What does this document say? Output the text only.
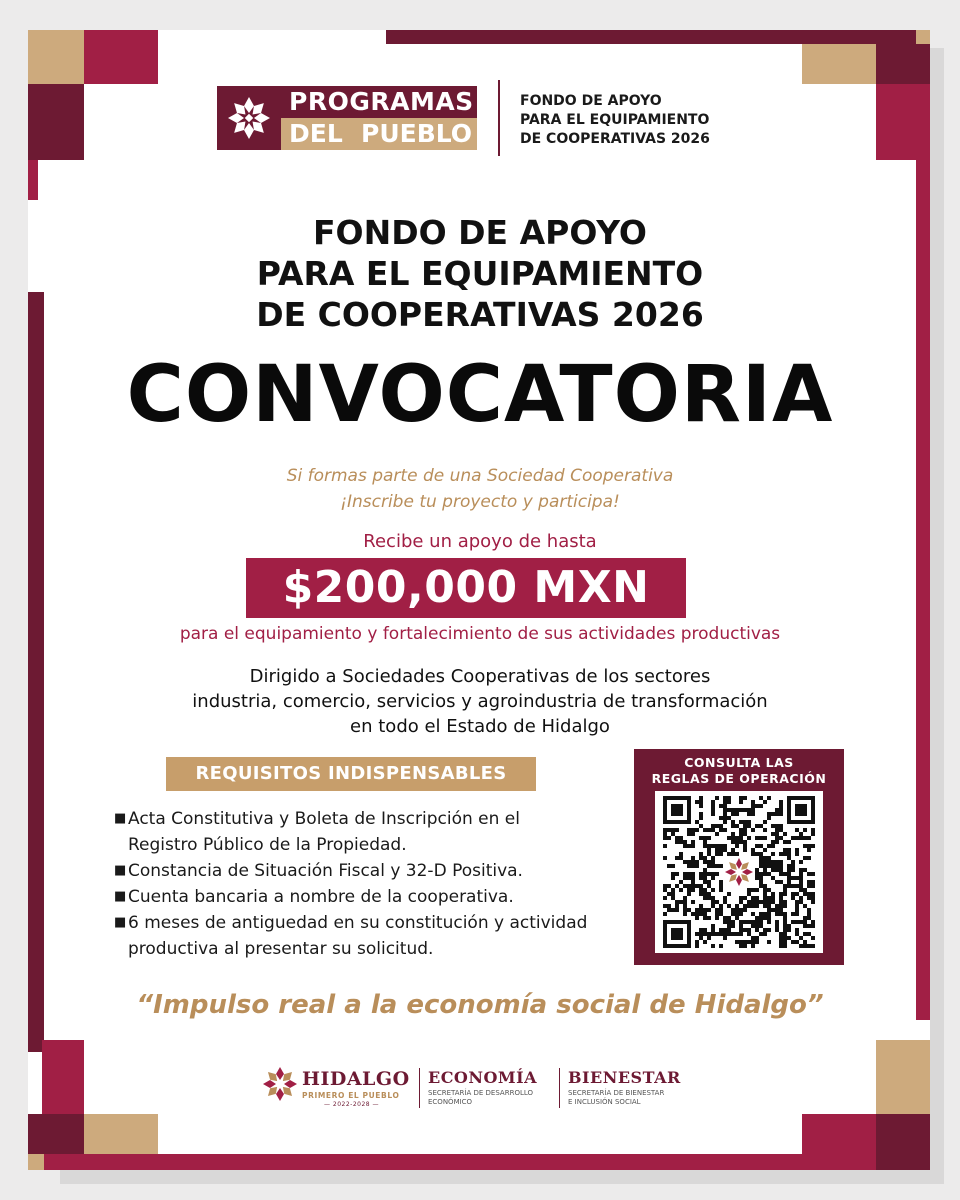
PROGRAMAS
DEL PUEBLO
FONDO DE APOYO
PARA EL EQUIPAMIENTO
DE COOPERATIVAS 2026
FONDO DE APOYO
PARA EL EQUIPAMIENTO
DE COOPERATIVAS 2026
CONVOCATORIA
Si formas parte de una Sociedad Cooperativa
¡Inscribe tu proyecto y participa!
Recibe un apoyo de hasta
$200,000 MXN
para el equipamiento y fortalecimiento de sus actividades productivas
Dirigido a Sociedades Cooperativas de los sectores
industria, comercio, servicios y agroindustria de transformación
en todo el Estado de Hidalgo
REQUISITOS INDISPENSABLES
■ Acta Constitutiva y Boleta de Inscripción en el Registro Público de la Propiedad.
■ Constancia de Situación Fiscal y 32-D Positiva.
■ Cuenta bancaria a nombre de la cooperativa.
■ 6 meses de antiguedad en su constitución y actividad productiva al presentar su solicitud.
CONSULTA LAS
REGLAS DE OPERACIÓN
“Impulso real a la economía social de Hidalgo”
HIDALGO
PRIMERO EL PUEBLO
— 2022-2028 —
ECONOMÍA
SECRETARÍA DE DESARROLLO
ECONÓMICO
BIENESTAR
SECRETARÍA DE BIENESTAR
E INCLUSIÓN SOCIAL
